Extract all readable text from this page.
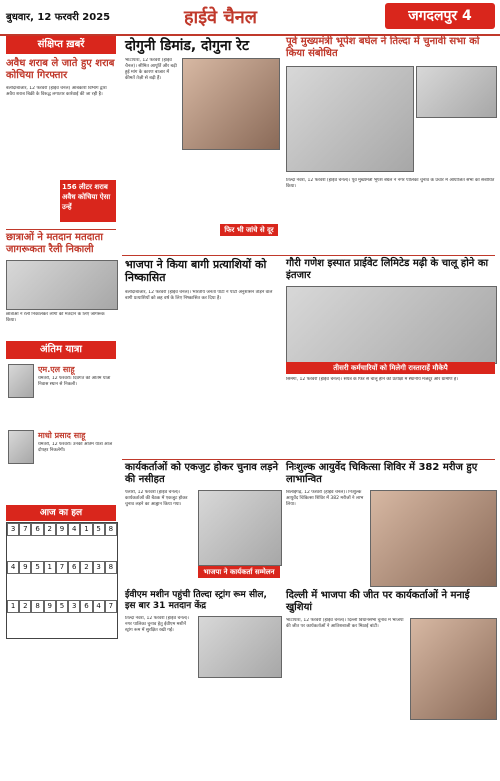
बुधवार, 12 फरवरी 2025	हाईवे चैनल	जगदलपुर 4
संक्षिप्त ख़बरें
अवैध शराब ले जाते हुए शराब कोचिया गिरफ्तार
बलौदाबाजार, 12 फरवरी (हाईवे चैनल) आबकारी विभाग द्वारा अवैध शराब बिक्री के विरुद्ध लगातार कार्रवाई की जा रही है।
156 लीटर शराब अवैध कोचिया ऐसा उन्हें
छात्राओं ने मतदान मतदाता जागरूकता रैली निकाली
छात्राओं ने रैली निकालकर लोगों को मतदान के लिए जागरूक किया।
अंतिम यात्रा
एम.एल साहू
धमतरी, 12 फरवरी। दिवंगत की अंतिम यात्रा निवास स्थान से निकली।
माधो प्रसाद साहू
धमतरी, 12 फरवरी। उनकी अंतिम यात्रा आज दोपहर निकलेगी।
आज का हल
3	7	6	2	9	4	1	5	8
4	9	5	1	7	6	2	3	8
1	2	8	9	5	3	6	4	7
दोगुनी डिमांड, दोगुना रेट
भाटापारा, 12 फरवरी (हाईवे चैनल)। सीमित आपूर्ति और बढ़ी हुई मांग के कारण बाजार में कीमतें तेज़ी से बढ़ी हैं।
फिर भी जांचे से दूर
पूर्व मुख्यमंत्री भूपेश बघेल ने तिल्दा में चुनावी सभा को किया संबोधित
तिल्दा नेवरा, 12 फरवरी (हाईवे चैनल)। पूर्व मुख्यमंत्री भूपेश बघेल ने नगर पालिका चुनाव के प्रचार में आयोजित सभा को संबोधित किया।
भाजपा ने किया बागी प्रत्याशियों को निष्कासित
बलौदाबाजार, 12 फरवरी (हाईवे चैनल)। भारतीय जनता पार्टी ने पार्टी अनुशासन तोड़ने वाले बागी प्रत्याशियों को छह वर्ष के लिए निष्कासित कर दिया है।
गौरी गणेश इस्पात प्राईवेट लिमिटेड मढ़ी के चालू होने का इंतजार
तीसरी कर्मचारियों को मिलेगी रास्ताराहें मौकेपै
सिमगा, 12 फरवरी (हाईवे चैनल)। संयंत्र के फिर से चालू होने की प्रतीक्षा में स्थानीय मजदूर और ग्रामीण हैं।
कार्यकर्ताओं को एकजुट होकर चुनाव लड़ने की नसीहत
पलारी, 12 फरवरी (हाईवे चैनल)। कार्यकर्ताओं की बैठक में एकजुट होकर चुनाव लड़ने का आह्वान किया गया।
भाजपा ने कार्यकर्ता सम्मेलन
निःशुल्क आयुर्वेद चिकित्सा शिविर में 382 मरीज हुए लाभान्वित
बिलाईगढ़, 12 फरवरी (हाईवे चैनल)। निःशुल्क आयुर्वेद चिकित्सा शिविर में 382 मरीजों ने लाभ लिया।
ईवीएम मशीन पहुंची तिल्दा स्ट्रांग रूम सील, इस बार 31 मतदान केंद्र
तिल्दा नेवरा, 12 फरवरी (हाईवे चैनल)। नगर पालिका चुनाव हेतु ईवीएम मशीनें स्ट्रांग रूम में सुरक्षित रखी गईं।
दिल्ली में भाजपा की जीत पर कार्यकर्ताओं ने मनाई खुशियां
भाटापारा, 12 फरवरी (हाईवे चैनल)। दिल्ली विधानसभा चुनाव में भाजपा की जीत पर कार्यकर्ताओं ने आतिशबाजी कर मिठाई बांटी।
